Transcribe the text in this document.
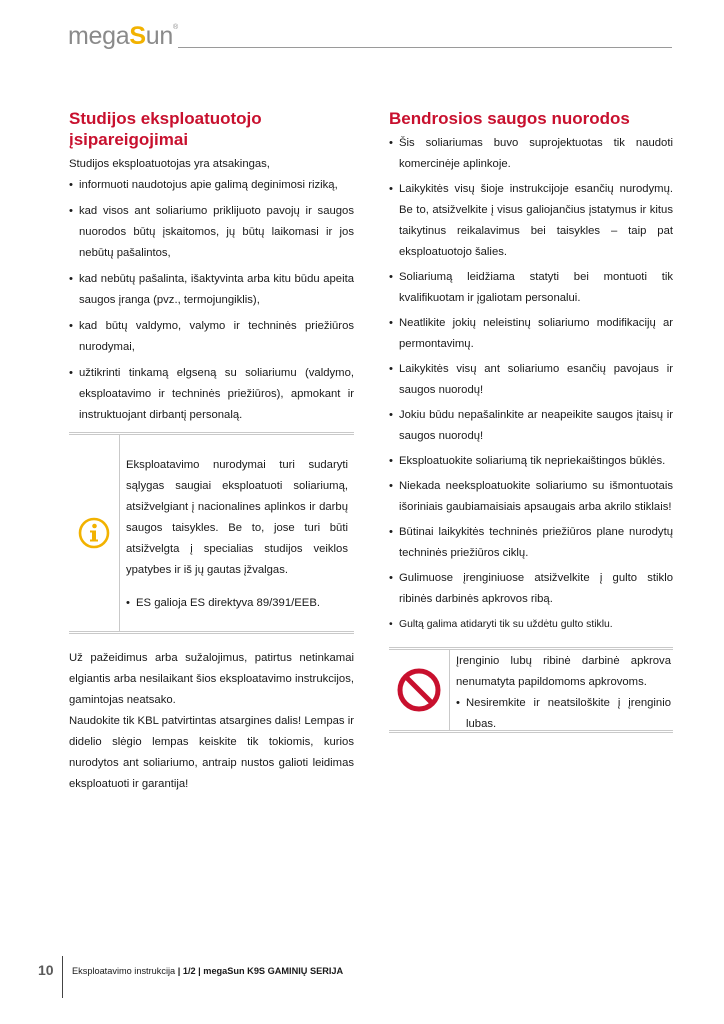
megaSun®
Studijos eksploatuotojo įsipareigojimai

Studijos eksploatuotojas yra atsakingas,

• informuoti naudotojus apie galimą deginimosi riziką,
• kad visos ant soliariumo priklijuoto pavojų ir saugos nuorodos būtų įskaitomos, jų būtų laikomasi ir jos nebūtų pašalintos,
• kad nebūtų pašalinta, išaktyvinta arba kitu būdu apeita saugos įranga (pvz., termojungiklis),
• kad būtų valdymo, valymo ir techninės priežiūros nurodymai,
• užtikrinti tinkamą elgseną su soliariumu (valdymo, eksploatavimo ir techninės priežiūros), apmokant ir instruktuojant dirbantį personalą.

Eksploatavimo nurodymai turi sudaryti sąlygas saugiai eksploatuoti soliariumą, atsižvelgiant į nacionalines aplinkos ir darbų saugos taisykles. Be to, jose turi būti atsižvelgta į specialias studijos veiklos ypatybes ir iš jų gautas įžvalgas.

• ES galioja ES direktyva 89/391/EEB.

Už pažeidimus arba sužalojimus, patirtus netinkamai elgiantis arba nesilaikant šios eksploatavimo instrukcijos, gamintojas neatsako.

Naudokite tik KBL patvirtintas atsargines dalis! Lempas ir didelio slėgio lempas keiskite tik tokiomis, kurios nurodytos ant soliariumo, antraip nustos galioti leidimas eksploatuoti ir garantija!

Bendrosios saugos nuorodos
• Šis soliariumas buvo suprojektuotas tik naudoti komercinėje aplinkoje.
• Laikykitės visų šioje instrukcijoje esančių nurodymų. Be to, atsižvelkite į visus galiojančius įstatymus ir kitus taikytinus reikalavimus bei taisykles – taip pat eksploatuotojo šalies.
• Soliariumą leidžiama statyti bei montuoti tik kvalifikuotam ir įgaliotam personalui.
• Neatlikite jokių neleistinų soliariumo modifikacijų ar permontavimų.
• Laikykitės visų ant soliariumo esančių pavojaus ir saugos nuorodų!
• Jokiu būdu nepašalinkite ar neapeikite saugos įtaisų ir saugos nuorodų!
• Eksploatuokite soliariumą tik nepriekaištingos būklės.
• Niekada neeksploatuokite soliariumo su išmontuotais išoriniais gaubiamaisiais apsaugais arba akrilo stiklais!
• Būtinai laikykitės techninės priežiūros plane nurodytų techninės priežiūros ciklų.
• Gulimuose įrenginiuose atsižvelkite į gulto stiklo ribinės darbinės apkrovos ribą.
• Gultą galima atidaryti tik su uždėtu gulto stiklu.

Įrenginio lubų ribinė darbinė apkrova nenumatyta papildomoms apkrovoms.

• Nesiremkite ir neatsiloškite į įrenginio lubas.
10 Eksploatavimo instrukcija | 1/2 | megaSun K9S GAMINIŲ SERIJA
